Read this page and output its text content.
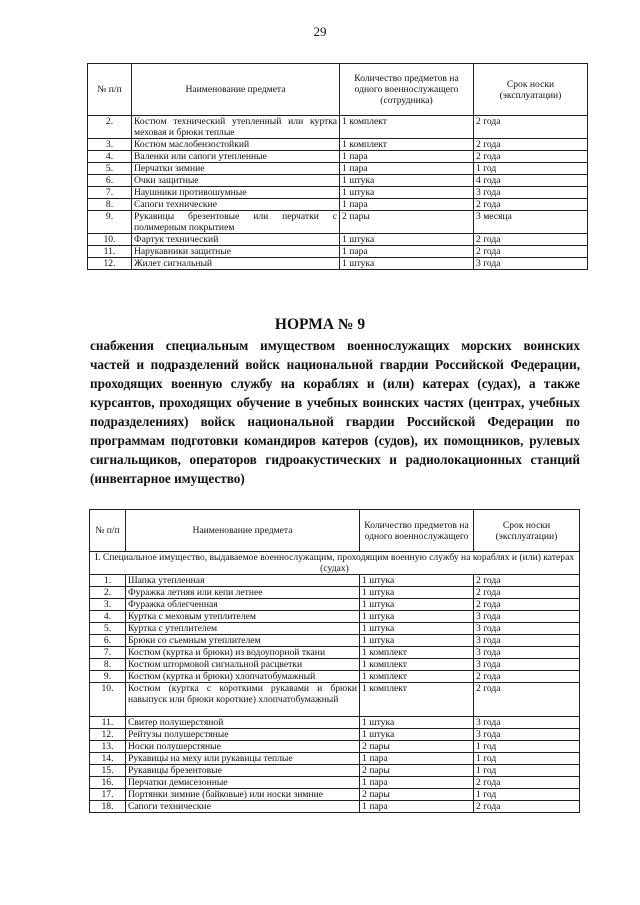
29
№ п/п	Наименование предмета	Количество предметов на одного военнослужащего (сотрудника)	Срок носки (эксплуатации)
2.	Костюм технический утепленный или куртка меховая и брюки теплые	1 комплект	2 года
3.	Костюм маслобензостойкий	1 комплект	2 года
4.	Валенки или сапоги утепленные	1 пара	2 года
5.	Перчатки зимние	1 пара	1 год
6.	Очки защитные	1 штука	4 года
7.	Наушники противошумные	1 штука	3 года
8.	Сапоги технические	1 пара	2 года
9.	Рукавицы брезентовые или перчатки с полимерным покрытием	2 пары	3 месяца
10.	Фартук технический	1 штука	2 года
11.	Нарукавники защитные	1 пара	2 года
12.	Жилет сигнальный	1 штука	3 года
НОРМА № 9

снабжения специальным имуществом военнослужащих морских воинских частей и подразделений войск национальной гвардии Российской Федерации, проходящих военную службу на кораблях и (или) катерах (судах), а также курсантов, проходящих обучение в учебных воинских частях (центрах, учебных подразделениях) войск национальной гвардии Российской Федерации по программам подготовки командиров катеров (судов), их помощников, рулевых сигнальщиков, операторов гидроакустических и радиолокационных станций (инвентарное имущество)

№ п/п	Наименование предмета	Количество предметов на одного военнослужащего	Срок носки (эксплуатации)
I. Специальное имущество, выдаваемое военнослужащим, проходящим военную службу на кораблях и (или) катерах (судах)			
1.	Шапка утепленная	1 штука	2 года
2.	Фуражка летняя или кепи летнее	1 штука	2 года
3.	Фуражка облегченная	1 штука	2 года
4.	Куртка с меховым утеплителем	1 штука	3 года
5.	Куртка с утеплителем	1 штука	3 года
6.	Брюки со съемным утеплителем	1 штука	3 года
7.	Костюм (куртка и брюки) из водоупорной ткани	1 комплект	3 года
8.	Костюм штормовой сигнальной расцветки	1 комплект	3 года
9.	Костюм (куртка и брюки) хлопчатобумажный	1 комплект	2 года
10.	Костюм (куртка с короткими рукавами и брюки навыпуск или брюки короткие) хлопчатобумажный	1 комплект	2 года
11.	Свитер полушерстяной	1 штука	3 года
12.	Рейтузы полушерстяные	1 штука	3 года
13.	Носки полушерстяные	2 пары	1 год
14.	Рукавицы на меху или рукавицы теплые	1 пара	1 год
15.	Рукавицы брезентовые	2 пары	1 год
16.	Перчатки демисезонные	1 пара	2 года
17.	Портянки зимние (байковые) или носки зимние	2 пары	1 год
18.	Сапоги технические	1 пара	2 года
